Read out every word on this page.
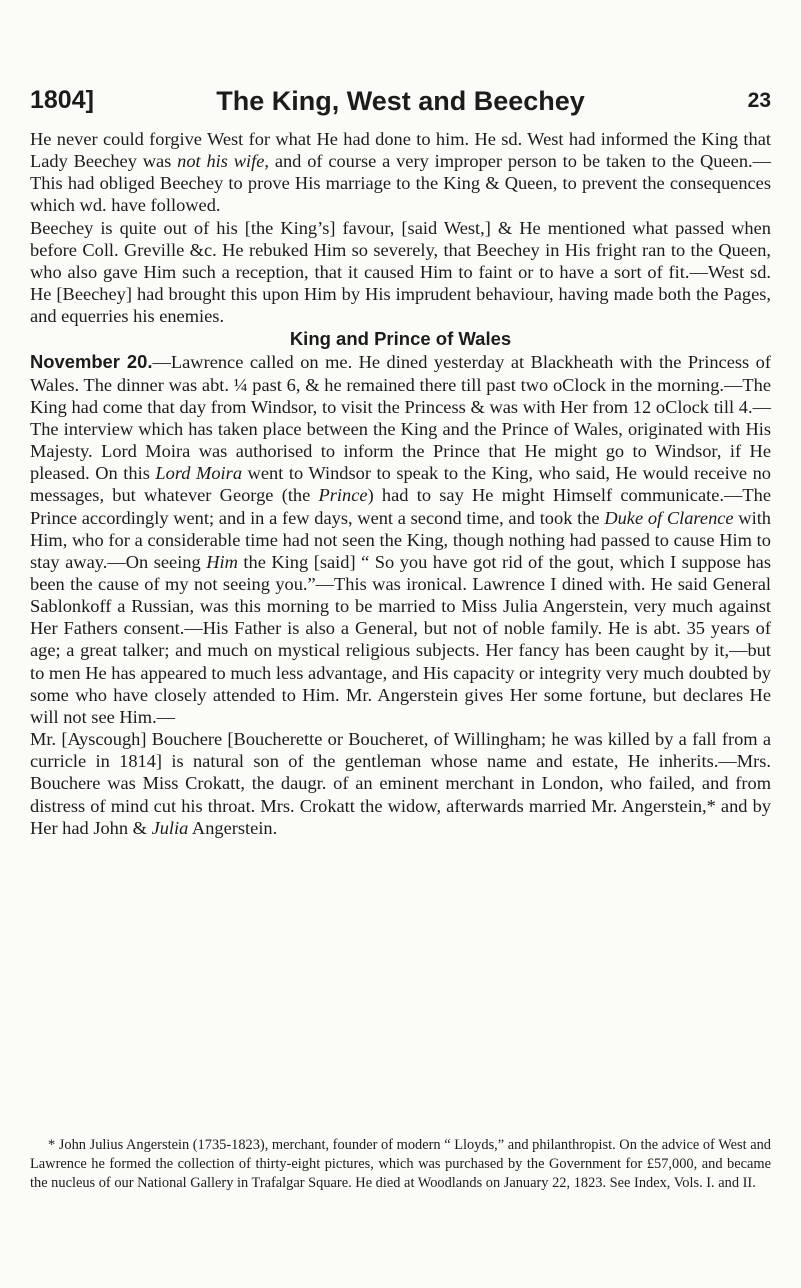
1804]	The King, West and Beechey	23

He never could forgive West for what He had done to him. He sd. West had informed the King that Lady Beechey was not his wife, and of course a very improper person to be taken to the Queen.—This had obliged Beechey to prove His marriage to the King & Queen, to prevent the consequences which wd. have followed.

Beechey is quite out of his [the King’s] favour, [said West,] & He mentioned what passed when before Coll. Greville &c. He rebuked Him so severely, that Beechey in His fright ran to the Queen, who also gave Him such a reception, that it caused Him to faint or to have a sort of fit.—West sd. He [Beechey] had brought this upon Him by His imprudent behaviour, having made both the Pages, and equerries his enemies.

King and Prince of Wales

November 20.—Lawrence called on me. He dined yesterday at Blackheath with the Princess of Wales. The dinner was abt. ¼ past 6, & he remained there till past two oClock in the morning.—The King had come that day from Windsor, to visit the Princess & was with Her from 12 oClock till 4.—The interview which has taken place between the King and the Prince of Wales, originated with His Majesty. Lord Moira was authorised to inform the Prince that He might go to Windsor, if He pleased. On this Lord Moira went to Windsor to speak to the King, who said, He would receive no messages, but whatever George (the Prince) had to say He might Himself communicate.—The Prince accordingly went; and in a few days, went a second time, and took the Duke of Clarence with Him, who for a considerable time had not seen the King, though nothing had passed to cause Him to stay away.—On seeing Him the King [said] “ So you have got rid of the gout, which I suppose has been the cause of my not seeing you.”—This was ironical. Lawrence I dined with. He said General Sablonkoff a Russian, was this morning to be married to Miss Julia Angerstein, very much against Her Fathers consent.—His Father is also a General, but not of noble family. He is abt. 35 years of age; a great talker; and much on mystical religious subjects. Her fancy has been caught by it,—but to men He has appeared to much less advantage, and His capacity or integrity very much doubted by some who have closely attended to Him. Mr. Angerstein gives Her some fortune, but declares He will not see Him.—

Mr. [Ayscough] Bouchere [Boucherette or Boucheret, of Willingham; he was killed by a fall from a curricle in 1814] is natural son of the gentleman whose name and estate, He inherits.—Mrs. Bouchere was Miss Crokatt, the daugr. of an eminent merchant in London, who failed, and from distress of mind cut his throat. Mrs. Crokatt the widow, afterwards married Mr. Angerstein,* and by Her had John & Julia Angerstein.

* John Julius Angerstein (1735-1823), merchant, founder of modern “ Lloyds,” and philanthropist. On the advice of West and Lawrence he formed the collection of thirty-eight pictures, which was purchased by the Government for £57,000, and became the nucleus of our National Gallery in Trafalgar Square. He died at Woodlands on January 22, 1823. See Index, Vols. I. and II.
